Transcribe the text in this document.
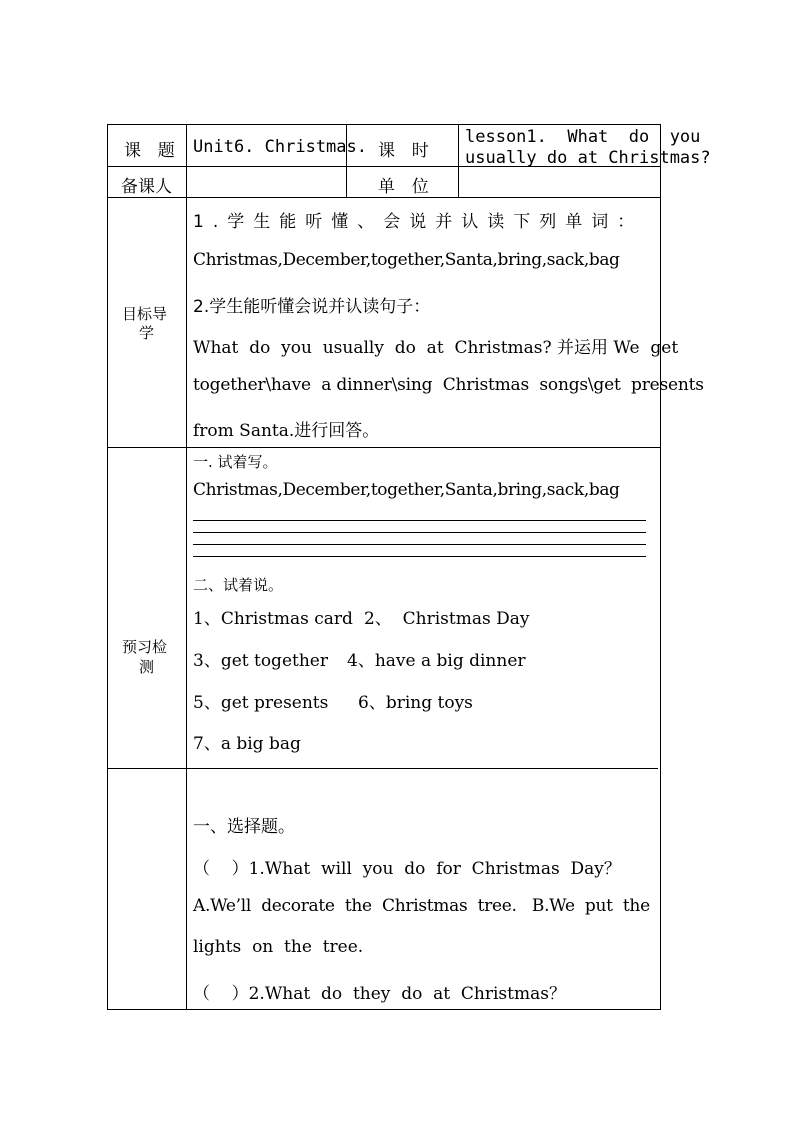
课  题 Unit6. Christmas. 课  时
lesson1.  What  do  you
usually do at Christmas?
备课人	单  位
目标导
学
1.学生能听懂、会说并认读下列单词：
Christmas,December,together,Santa,bring,sack,bag
2.学生能听懂会说并认读句子：
What  do  you  usually  do  at  Christmas? 并运用 We  get
together\have  a dinner\sing  Christmas  songs\get  presents
from Santa.进行回答。
预习检
测
一. 试着写。
Christmas,December,together,Santa,bring,sack,bag
二、试着说。
1、Christmas card 2、  Christmas Day
3、get together 4、have a big dinner
5、get presents 6、bring toys
7、a big bag
一、选择题。
（    ）1.What  will  you  do  for  Christmas  Day？
A.We’ll  decorate  the  Christmas  tree.   B.We  put  the
lights  on  the  tree.
（    ）2.What  do  they  do  at  Christmas？
